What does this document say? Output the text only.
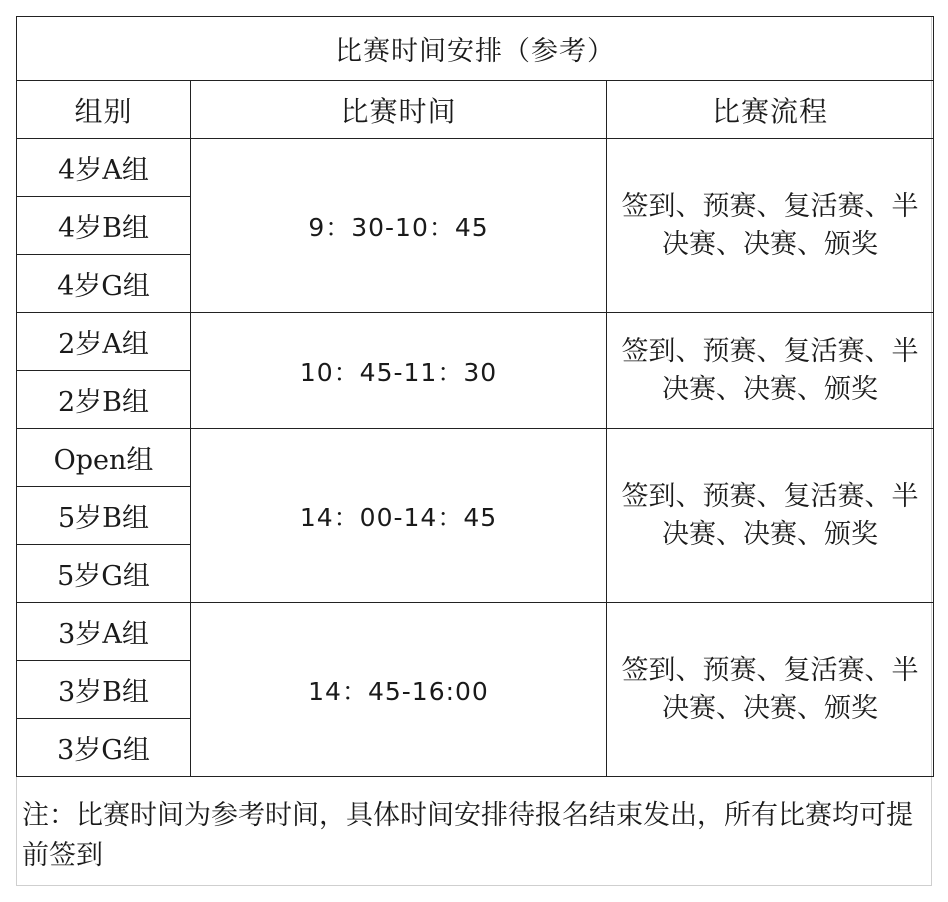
比赛时间安排（参考）		
组别	比赛时间	比赛流程
4岁A组	9：30-10：45	签到、预赛、复活赛、半决赛、决赛、颁奖
4岁B组		
4岁G组		
2岁A组	10：45-11：30	签到、预赛、复活赛、半决赛、决赛、颁奖
2岁B组		
Open组	14：00-14：45	签到、预赛、复活赛、半决赛、决赛、颁奖
5岁B组		
5岁G组		
3岁A组	14：45-16:00	签到、预赛、复活赛、半决赛、决赛、颁奖
3岁B组		
3岁G组		
注：比赛时间为参考时间，具体时间安排待报名结束发出，所有比赛均可提前签到
